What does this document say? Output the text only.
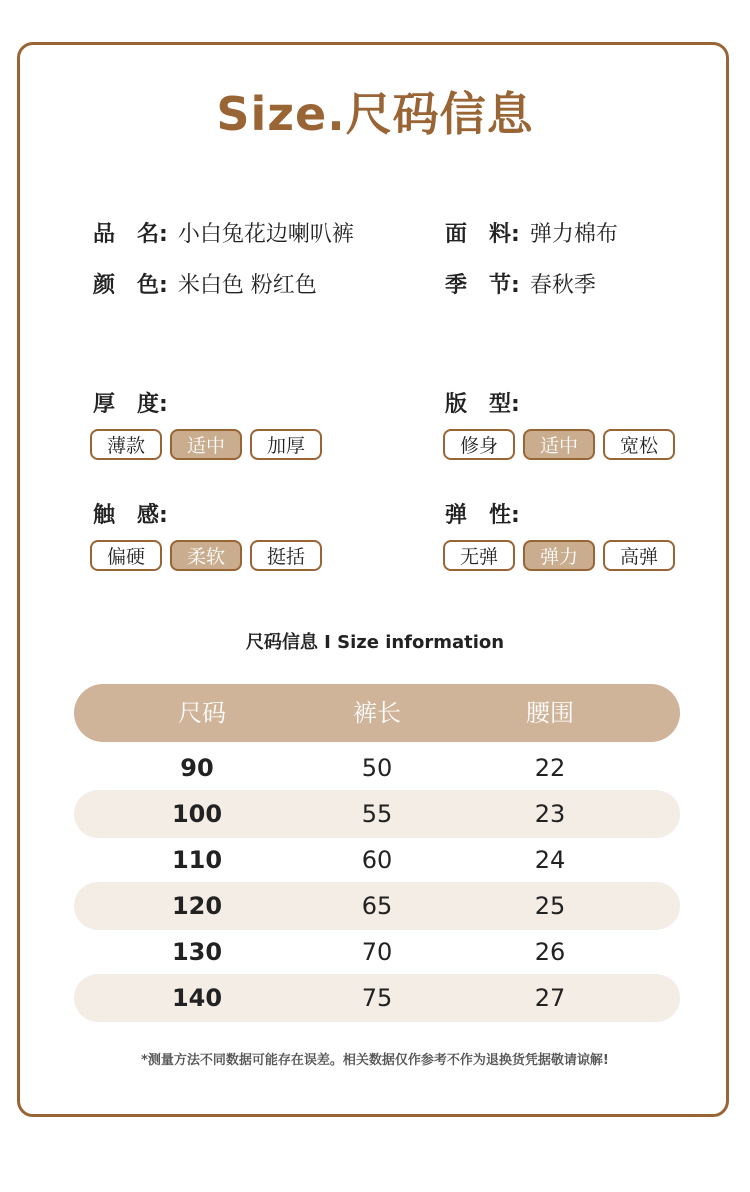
Size.尺码信息
品　名: 小白兔花边喇叭裤	面　料: 弹力棉布
颜　色: 米白色 粉红色	季　节: 春秋季
厚　度:
薄款	适中	加厚
版　型:
修身	适中	宽松
触　感:
偏硬	柔软	挺括
弹　性:
无弹	弹力	高弹
尺码信息 I Size information
尺码	裤长	腰围
90	50	22
100	55	23
110	60	24
120	65	25
130	70	26
140	75	27
*测量方法不同数据可能存在误差。相关数据仅作参考不作为退换货凭据敬请谅解!
